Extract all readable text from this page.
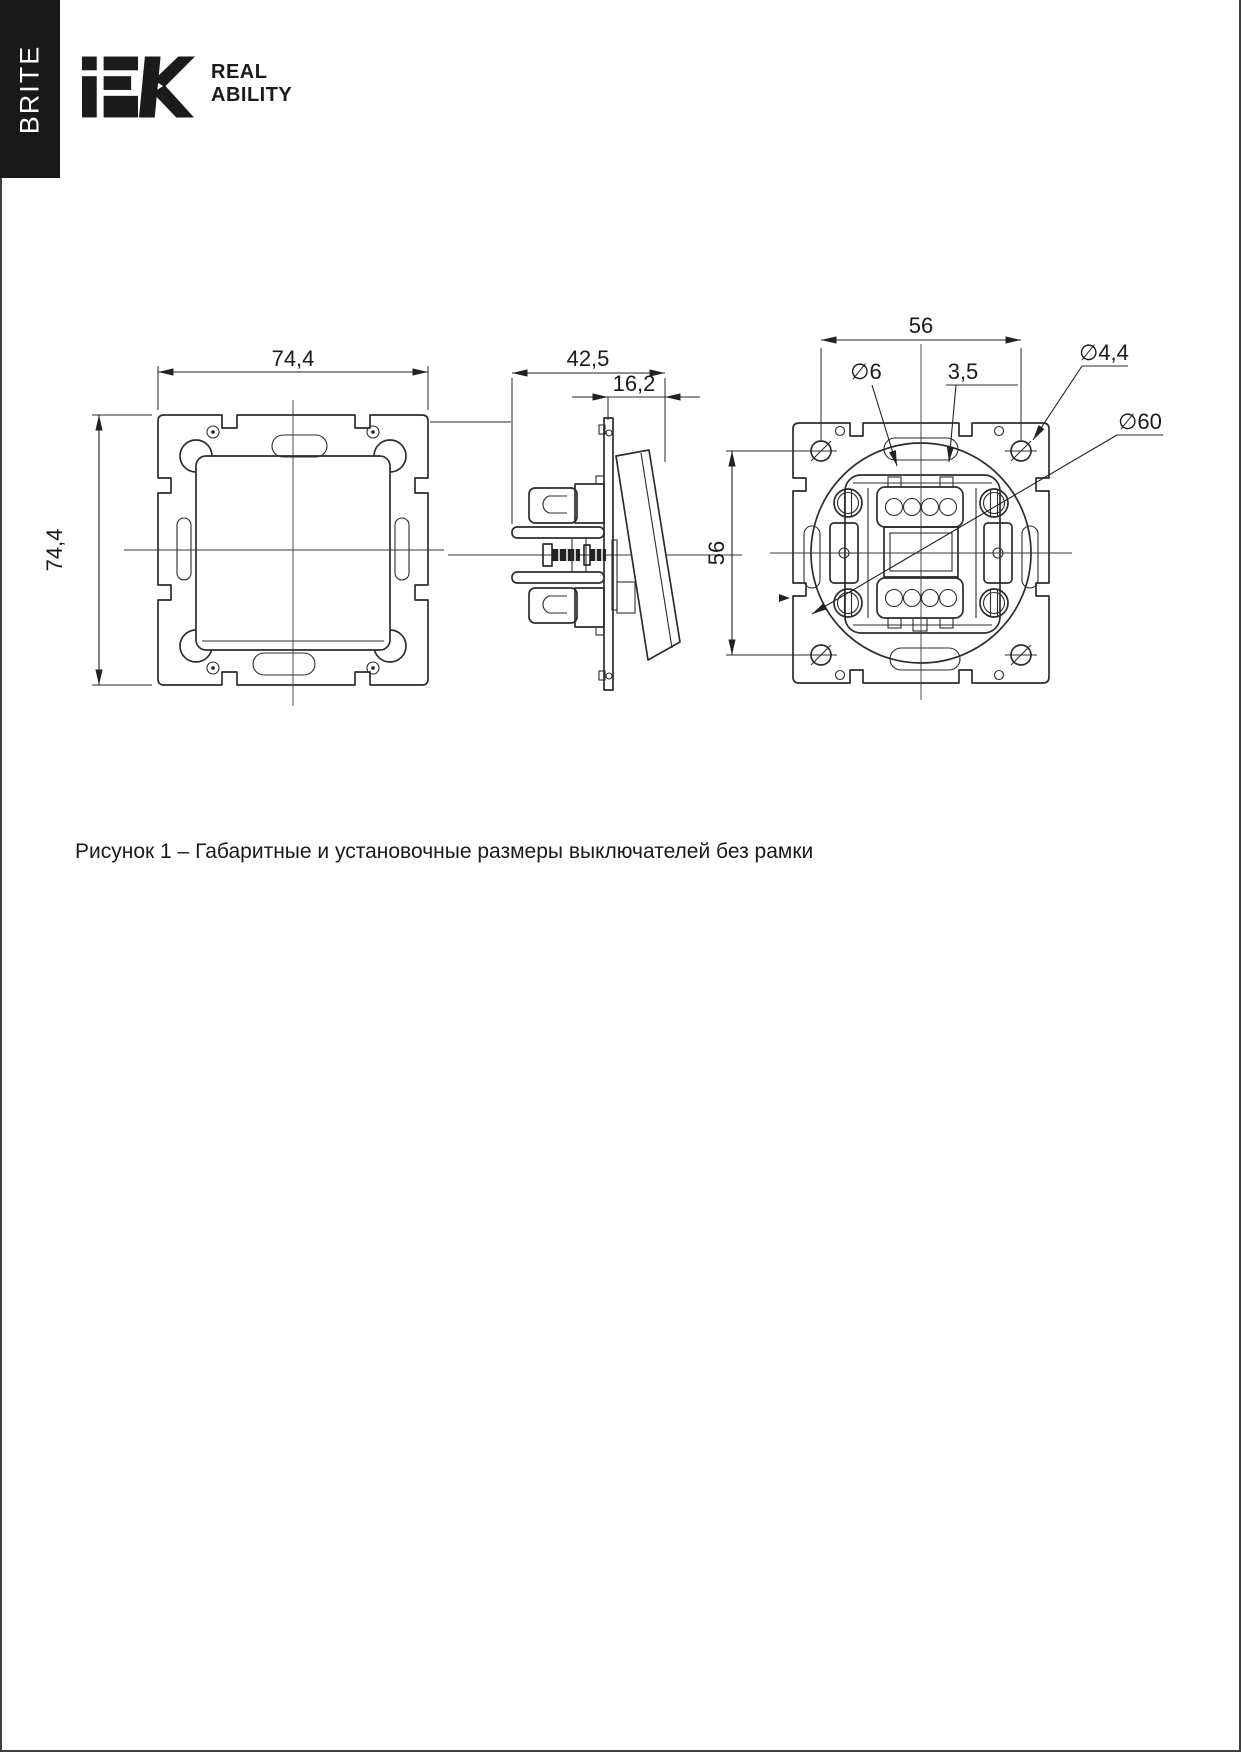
BRITE	REAL
ABILITY
74,4
74,4
42,5
16,2
56
56
∅6	3,5
∅4,4
∅60
Рисунок 1 – Габаритные и установочные размеры выключателей без рамки
